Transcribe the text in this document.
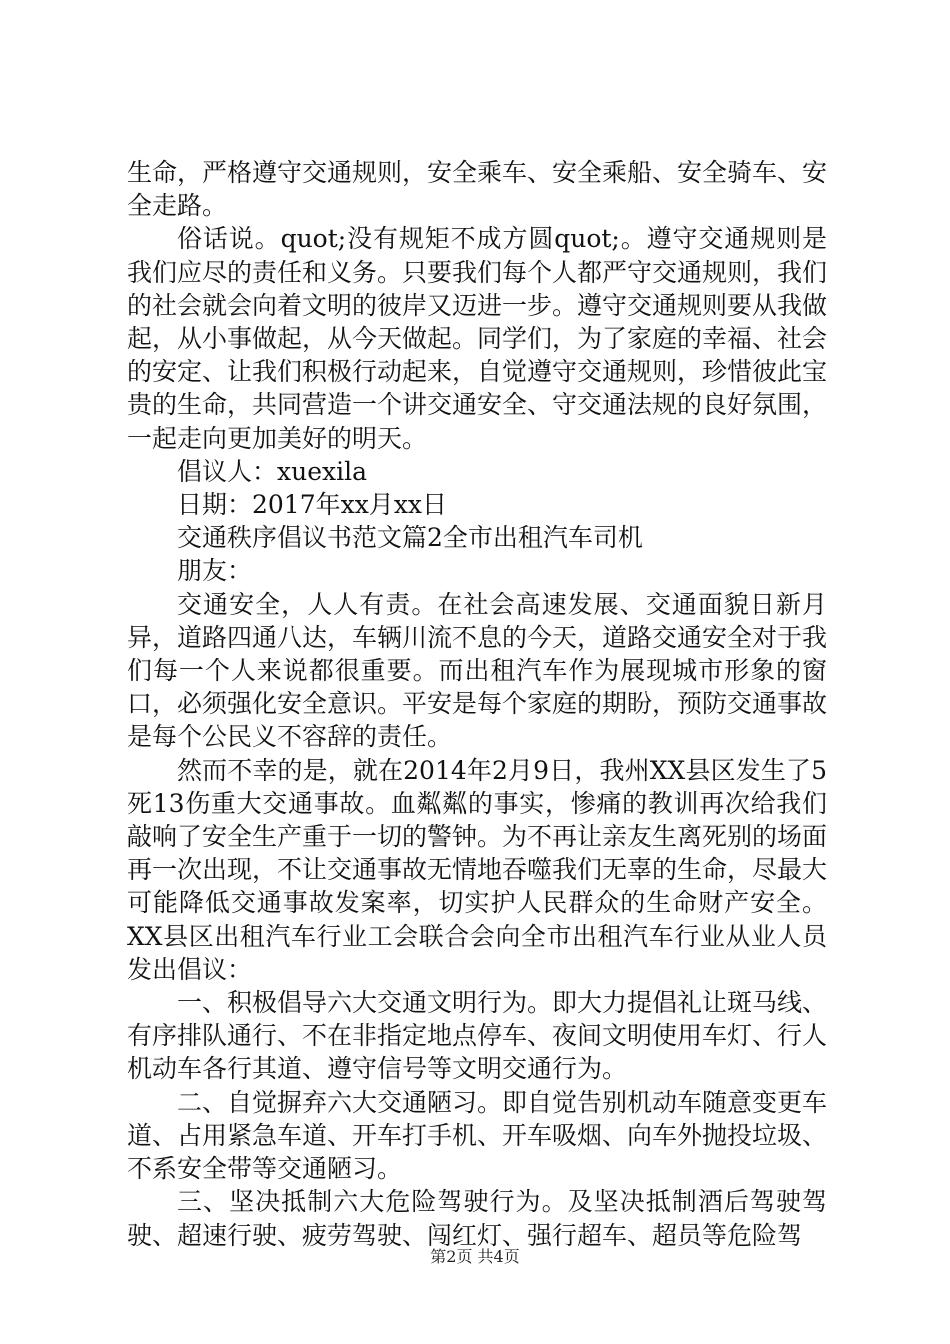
生命，严格遵守交通规则，安全乘车、安全乘船、安全骑车、安全走路。

俗话说。quot;没有规矩不成方圆quot;。遵守交通规则是我们应尽的责任和义务。只要我们每个人都严守交通规则，我们的社会就会向着文明的彼岸又迈进一步。遵守交通规则要从我做起，从小事做起，从今天做起。同学们，为了家庭的幸福、社会的安定、让我们积极行动起来，自觉遵守交通规则，珍惜彼此宝贵的生命，共同营造一个讲交通安全、守交通法规的良好氛围，一起走向更加美好的明天。

倡议人：xuexila

日期：2017年xx月xx日

交通秩序倡议书范文篇2全市出租汽车司机

朋友：

交通安全，人人有责。在社会高速发展、交通面貌日新月异，道路四通八达，车辆川流不息的今天，道路交通安全对于我们每一个人来说都很重要。而出租汽车作为展现城市形象的窗口，必须强化安全意识。平安是每个家庭的期盼，预防交通事故是每个公民义不容辞的责任。

然而不幸的是，就在2014年2月9日，我州XX县区发生了5死13伤重大交通事故。血粼粼的事实，惨痛的教训再次给我们敲响了安全生产重于一切的警钟。为不再让亲友生离死别的场面再一次出现，不让交通事故无情地吞噬我们无辜的生命，尽最大可能降低交通事故发案率，切实护人民群众的生命财产安全。XX县区出租汽车行业工会联合会向全市出租汽车行业从业人员发出倡议：

一、积极倡导六大交通文明行为。即大力提倡礼让斑马线、有序排队通行、不在非指定地点停车、夜间文明使用车灯、行人机动车各行其道、遵守信号等文明交通行为。

二、自觉摒弃六大交通陋习。即自觉告别机动车随意变更车道、占用紧急车道、开车打手机、开车吸烟、向车外抛投垃圾、不系安全带等交通陋习。

三、坚决抵制六大危险驾驶行为。及坚决抵制酒后驾驶驾驶、超速行驶、疲劳驾驶、闯红灯、强行超车、超员等危险驾

第2页 共4页
